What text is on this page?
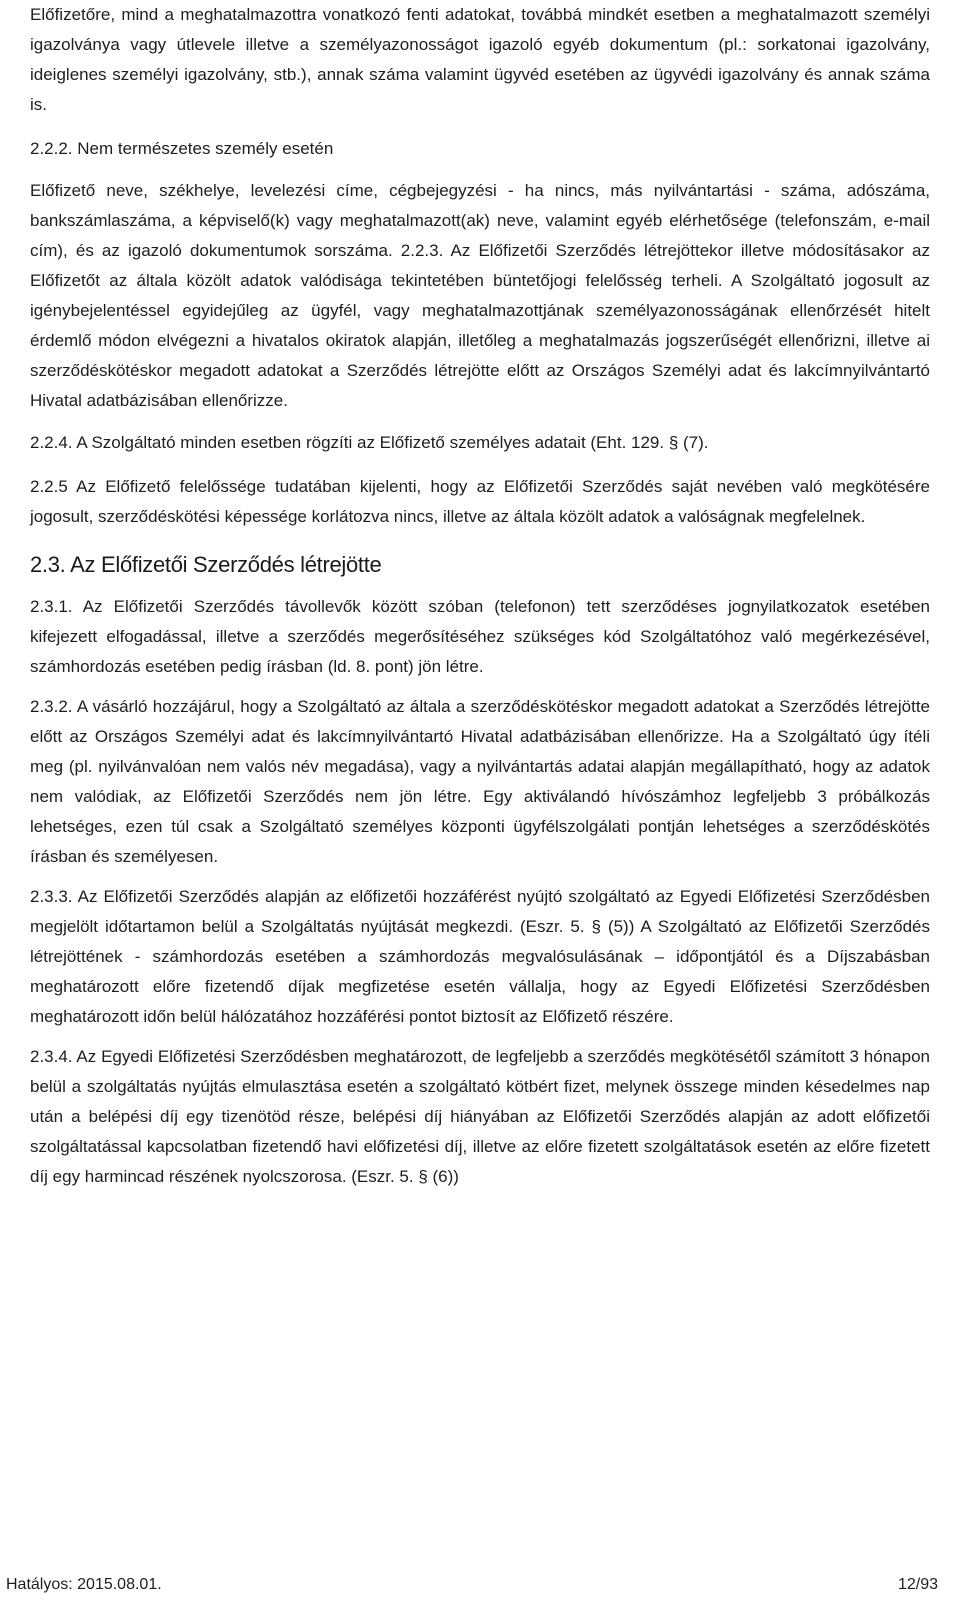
Előfizetőre, mind a meghatalmazottra vonatkozó fenti adatokat, továbbá mindkét esetben a meghatalmazott személyi igazolványa vagy útlevele illetve a személyazonosságot igazoló egyéb dokumentum (pl.: sorkatonai igazolvány, ideiglenes személyi igazolvány, stb.), annak száma valamint ügyvéd esetében az ügyvédi igazolvány és annak száma is.

2.2.2. Nem természetes személy esetén

Előfizető neve, székhelye, levelezési címe, cégbejegyzési - ha nincs, más nyilvántartási - száma, adószáma, bankszámlaszáma, a képviselő(k) vagy meghatalmazott(ak) neve, valamint egyéb elérhetősége (telefonszám, e-mail cím), és az igazoló dokumentumok sorszáma. 2.2.3. Az Előfizetői Szerződés létrejöttekor illetve módosításakor az Előfizetőt az általa közölt adatok valódisága tekintetében büntetőjogi felelősség terheli. A Szolgáltató jogosult az igénybejelentéssel egyidejűleg az ügyfél, vagy meghatalmazottjának személyazonosságának ellenőrzését hitelt érdemlő módon elvégezni a hivatalos okiratok alapján, illetőleg a meghatalmazás jogszerűségét ellenőrizni, illetve ai szerződéskötéskor megadott adatokat a Szerződés létrejötte előtt az Országos Személyi adat és lakcímnyilvántartó Hivatal adatbázisában ellenőrizze.

2.2.4. A Szolgáltató minden esetben rögzíti az Előfizető személyes adatait (Eht. 129. § (7).

2.2.5 Az Előfizető felelőssége tudatában kijelenti, hogy az Előfizetői Szerződés saját nevében való megkötésére jogosult, szerződéskötési képessége korlátozva nincs, illetve az általa közölt adatok a valóságnak megfelelnek.

2.3. Az Előfizetői Szerződés létrejötte

2.3.1. Az Előfizetői Szerződés távollevők között szóban (telefonon) tett szerződéses jognyilatkozatok esetében kifejezett elfogadással, illetve a szerződés megerősítéséhez szükséges kód Szolgáltatóhoz való megérkezésével, számhordozás esetében pedig írásban (ld. 8. pont) jön létre.

2.3.2. A vásárló hozzájárul, hogy a Szolgáltató az általa a szerződéskötéskor megadott adatokat a Szerződés létrejötte előtt az Országos Személyi adat és lakcímnyilvántartó Hivatal adatbázisában ellenőrizze. Ha a Szolgáltató úgy ítéli meg (pl. nyilvánvalóan nem valós név megadása), vagy a nyilvántartás adatai alapján megállapítható, hogy az adatok nem valódiak, az Előfizetői Szerződés nem jön létre. Egy aktiválandó hívószámhoz legfeljebb 3 próbálkozás lehetséges, ezen túl csak a Szolgáltató személyes központi ügyfélszolgálati pontján lehetséges a szerződéskötés írásban és személyesen.

2.3.3. Az Előfizetői Szerződés alapján az előfizetői hozzáférést nyújtó szolgáltató az Egyedi Előfizetési Szerződésben megjelölt időtartamon belül a Szolgáltatás nyújtását megkezdi. (Eszr. 5. § (5)) A Szolgáltató az Előfizetői Szerződés létrejöttének - számhordozás esetében a számhordozás megvalósulásának – időpontjától és a Díjszabásban meghatározott előre fizetendő díjak megfizetése esetén vállalja, hogy az Egyedi Előfizetési Szerződésben meghatározott időn belül hálózatához hozzáférési pontot biztosít az Előfizető részére.

2.3.4. Az Egyedi Előfizetési Szerződésben meghatározott, de legfeljebb a szerződés megkötésétől számított 3 hónapon belül a szolgáltatás nyújtás elmulasztása esetén a szolgáltató kötbért fizet, melynek összege minden késedelmes nap után a belépési díj egy tizenötöd része, belépési díj hiányában az Előfizetői Szerződés alapján az adott előfizetői szolgáltatással kapcsolatban fizetendő havi előfizetési díj, illetve az előre fizetett szolgáltatások esetén az előre fizetett díj egy harmincad részének nyolcszorosa. (Eszr. 5. § (6))

Hatályos: 2015.08.01.	12/93
